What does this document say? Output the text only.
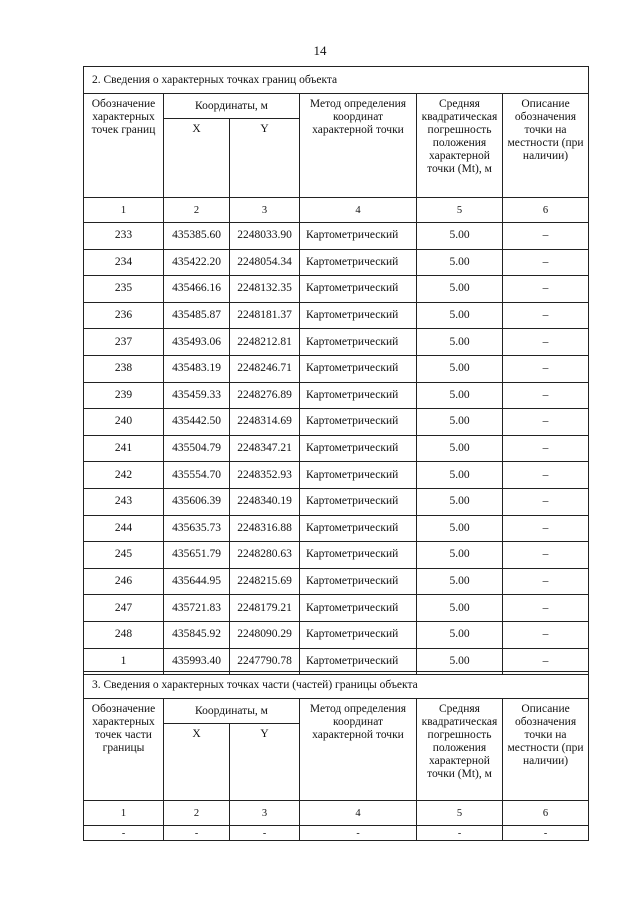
14
2. Сведения о характерных точках границ объекта					
Обозначение характерных точек границ	Координаты, м		Метод определения координат характерной точки	Средняя квадратическая погрешность положения характерной точки (Mt), м	Описание обозначения точки на местности (при наличии)
	X	Y			
1	2	3	4	5	6
233	435385.60	2248033.90	Картометрический	5.00	–
234	435422.20	2248054.34	Картометрический	5.00	–
235	435466.16	2248132.35	Картометрический	5.00	–
236	435485.87	2248181.37	Картометрический	5.00	–
237	435493.06	2248212.81	Картометрический	5.00	–
238	435483.19	2248246.71	Картометрический	5.00	–
239	435459.33	2248276.89	Картометрический	5.00	–
240	435442.50	2248314.69	Картометрический	5.00	–
241	435504.79	2248347.21	Картометрический	5.00	–
242	435554.70	2248352.93	Картометрический	5.00	–
243	435606.39	2248340.19	Картометрический	5.00	–
244	435635.73	2248316.88	Картометрический	5.00	–
245	435651.79	2248280.63	Картометрический	5.00	–
246	435644.95	2248215.69	Картометрический	5.00	–
247	435721.83	2248179.21	Картометрический	5.00	–
248	435845.92	2248090.29	Картометрический	5.00	–
1	435993.40	2247790.78	Картометрический	5.00	–
3. Сведения о характерных точках части (частей) границы объекта					
Обозначение характерных точек части границы	Координаты, м		Метод определения координат характерной точки	Средняя квадратическая погрешность положения характерной точки (Mt), м	Описание обозначения точки на местности (при наличии)
	X	Y			
1	2	3	4	5	6
-	-	-	-	-	-
